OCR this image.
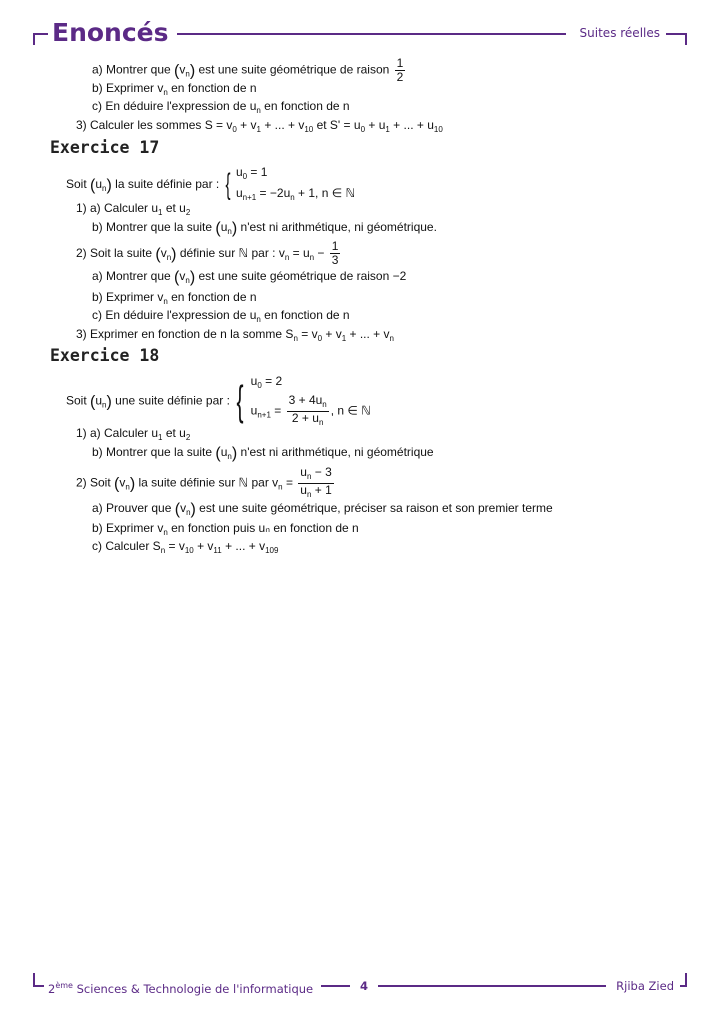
Enoncés	Suites réelles
a) Montrer que $(v_n)$ est une suite géométrique de raison $\frac{1}{2}$
b) Exprimer $v_n$ en fonction de n
c) En déduire l'expression de $u_n$ en fonction de n
3) Calculer les sommes $S = v_0 + v_1$ + ... + $v_{10}$ et $S' = u_0 + u_1$ + ... + $u_{10}$
Exercice 17
Soit $(u_n)$ la suite définie par : { $u_0 = 1$
$u_{n+1} = -2u_n + 1$, n ∈ ℕ
1) a) Calculer $u_1$ et $u_2$
b) Montrer que la suite $(u_n)$ n'est ni arithmétique, ni géométrique.
2) Soit la suite $(v_n)$ définie sur ℕ par : $v_n = u_n - \frac{1}{3}$
a) Montrer que $(v_n)$ est une suite géométrique de raison −2
b) Exprimer $v_n$ en fonction de n
c) En déduire l'expression de $u_n$ en fonction de n
3) Exprimer en fonction de n la somme $S_n = v_0 + v_1$ + ... + $v_n$
Exercice 18
Soit $(u_n)$ une suite définie par : { $u_0 = 2$
$u_{n+1} = \frac{3 + 4u_n}{2 + u_n}$ , n ∈ ℕ
1) a) Calculer $u_1$ et $u_2$
b) Montrer que la suite $(u_n)$ n'est ni arithmétique, ni géométrique
2) Soit $(v_n)$ la suite définie sur ℕ par $v_n = \frac{u_n - 3}{u_n + 1}$
a) Prouver que $(v_n)$ est une suite géométrique, préciser sa raison et son premier terme
b) Exprimer $v_n$ en fonction puis uₙ en fonction de n
c) Calculer $S_n = v_{10} + v_{11}$ + ... + $v_{109}$
2ème Sciences & Technologie de l'informatique	4	Rjiba Zied
